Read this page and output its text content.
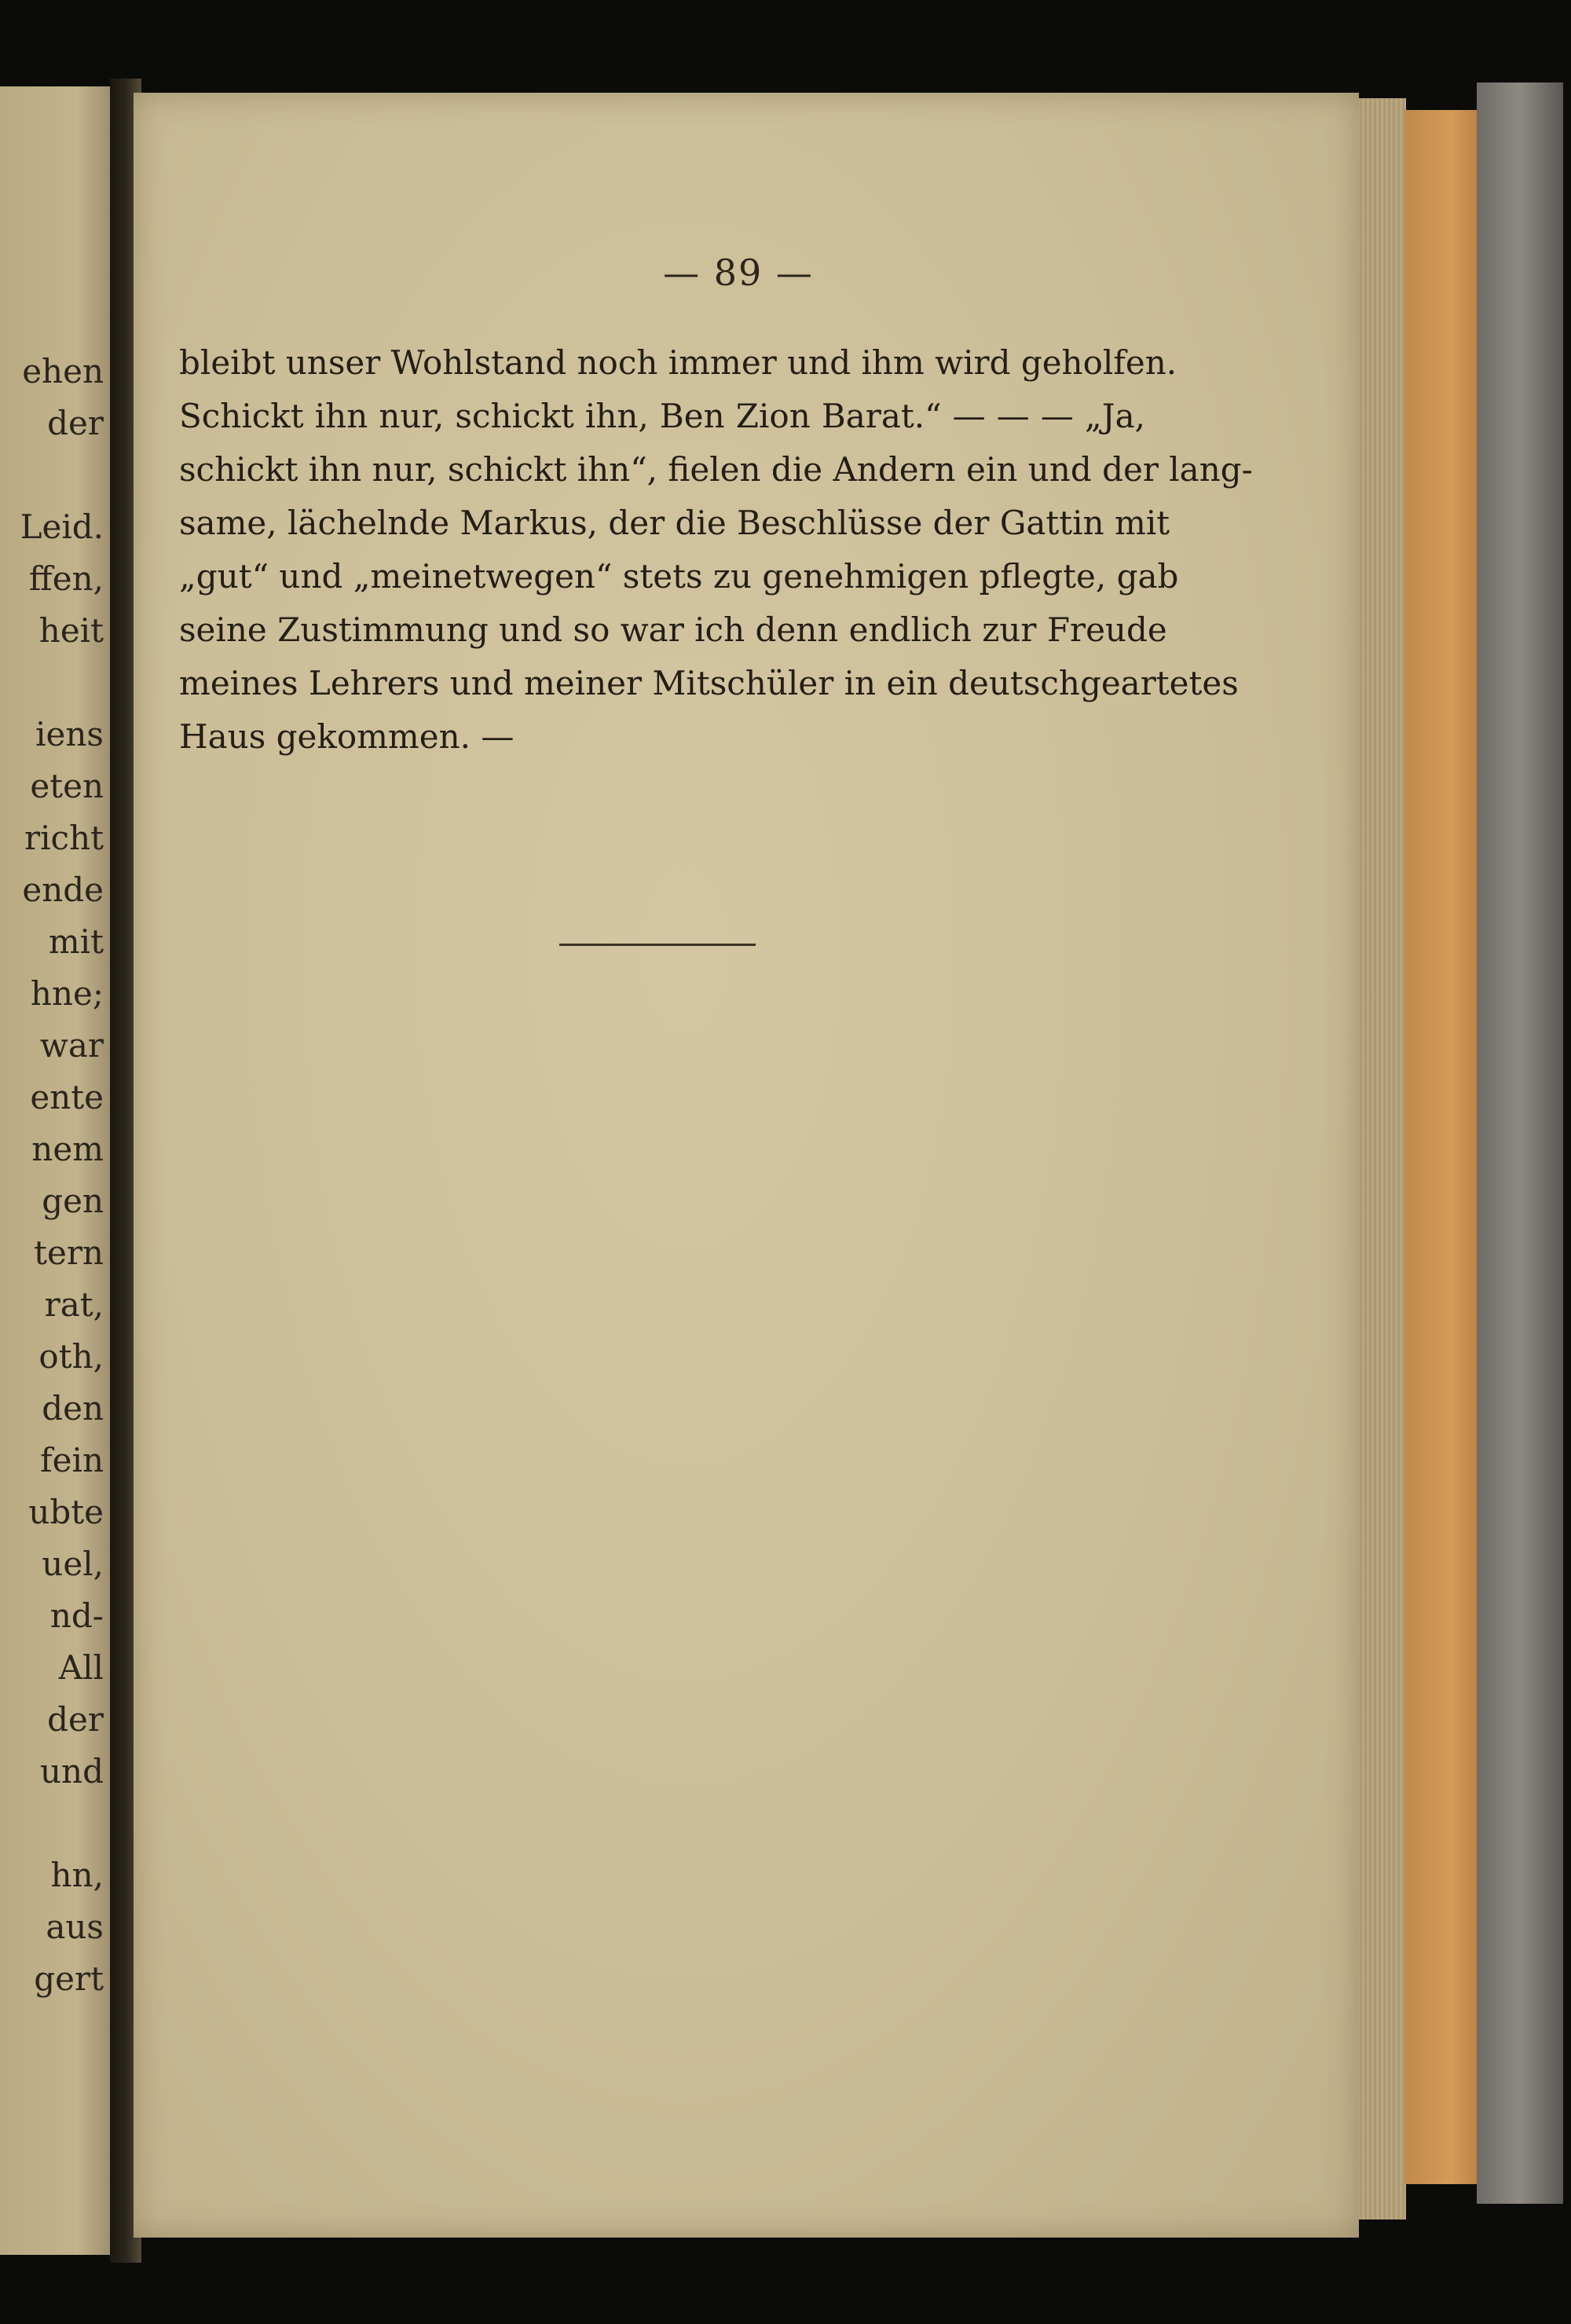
ehen
der
Leid.
ffen,
heit
iens
eten
richt
ende
mit
hne;
war
ente
nem
gen
tern
rat,
oth,
den
fein
ubte
uel,
nd-
All
der
und
hn,
aus
gert
— 89 —
bleibt unser Wohlstand noch immer und ihm wird geholfen.
Schickt ihn nur, schickt ihn, Ben Zion Barat.“ — — — „Ja,
schickt ihn nur, schickt ihn“, fielen die Andern ein und der lang-
same, lächelnde Markus, der die Beschlüsse der Gattin mit
„gut“ und „meinetwegen“ stets zu genehmigen pflegte, gab
seine Zustimmung und so war ich denn endlich zur Freude
meines Lehrers und meiner Mitschüler in ein deutschgeartetes
Haus gekommen. —
